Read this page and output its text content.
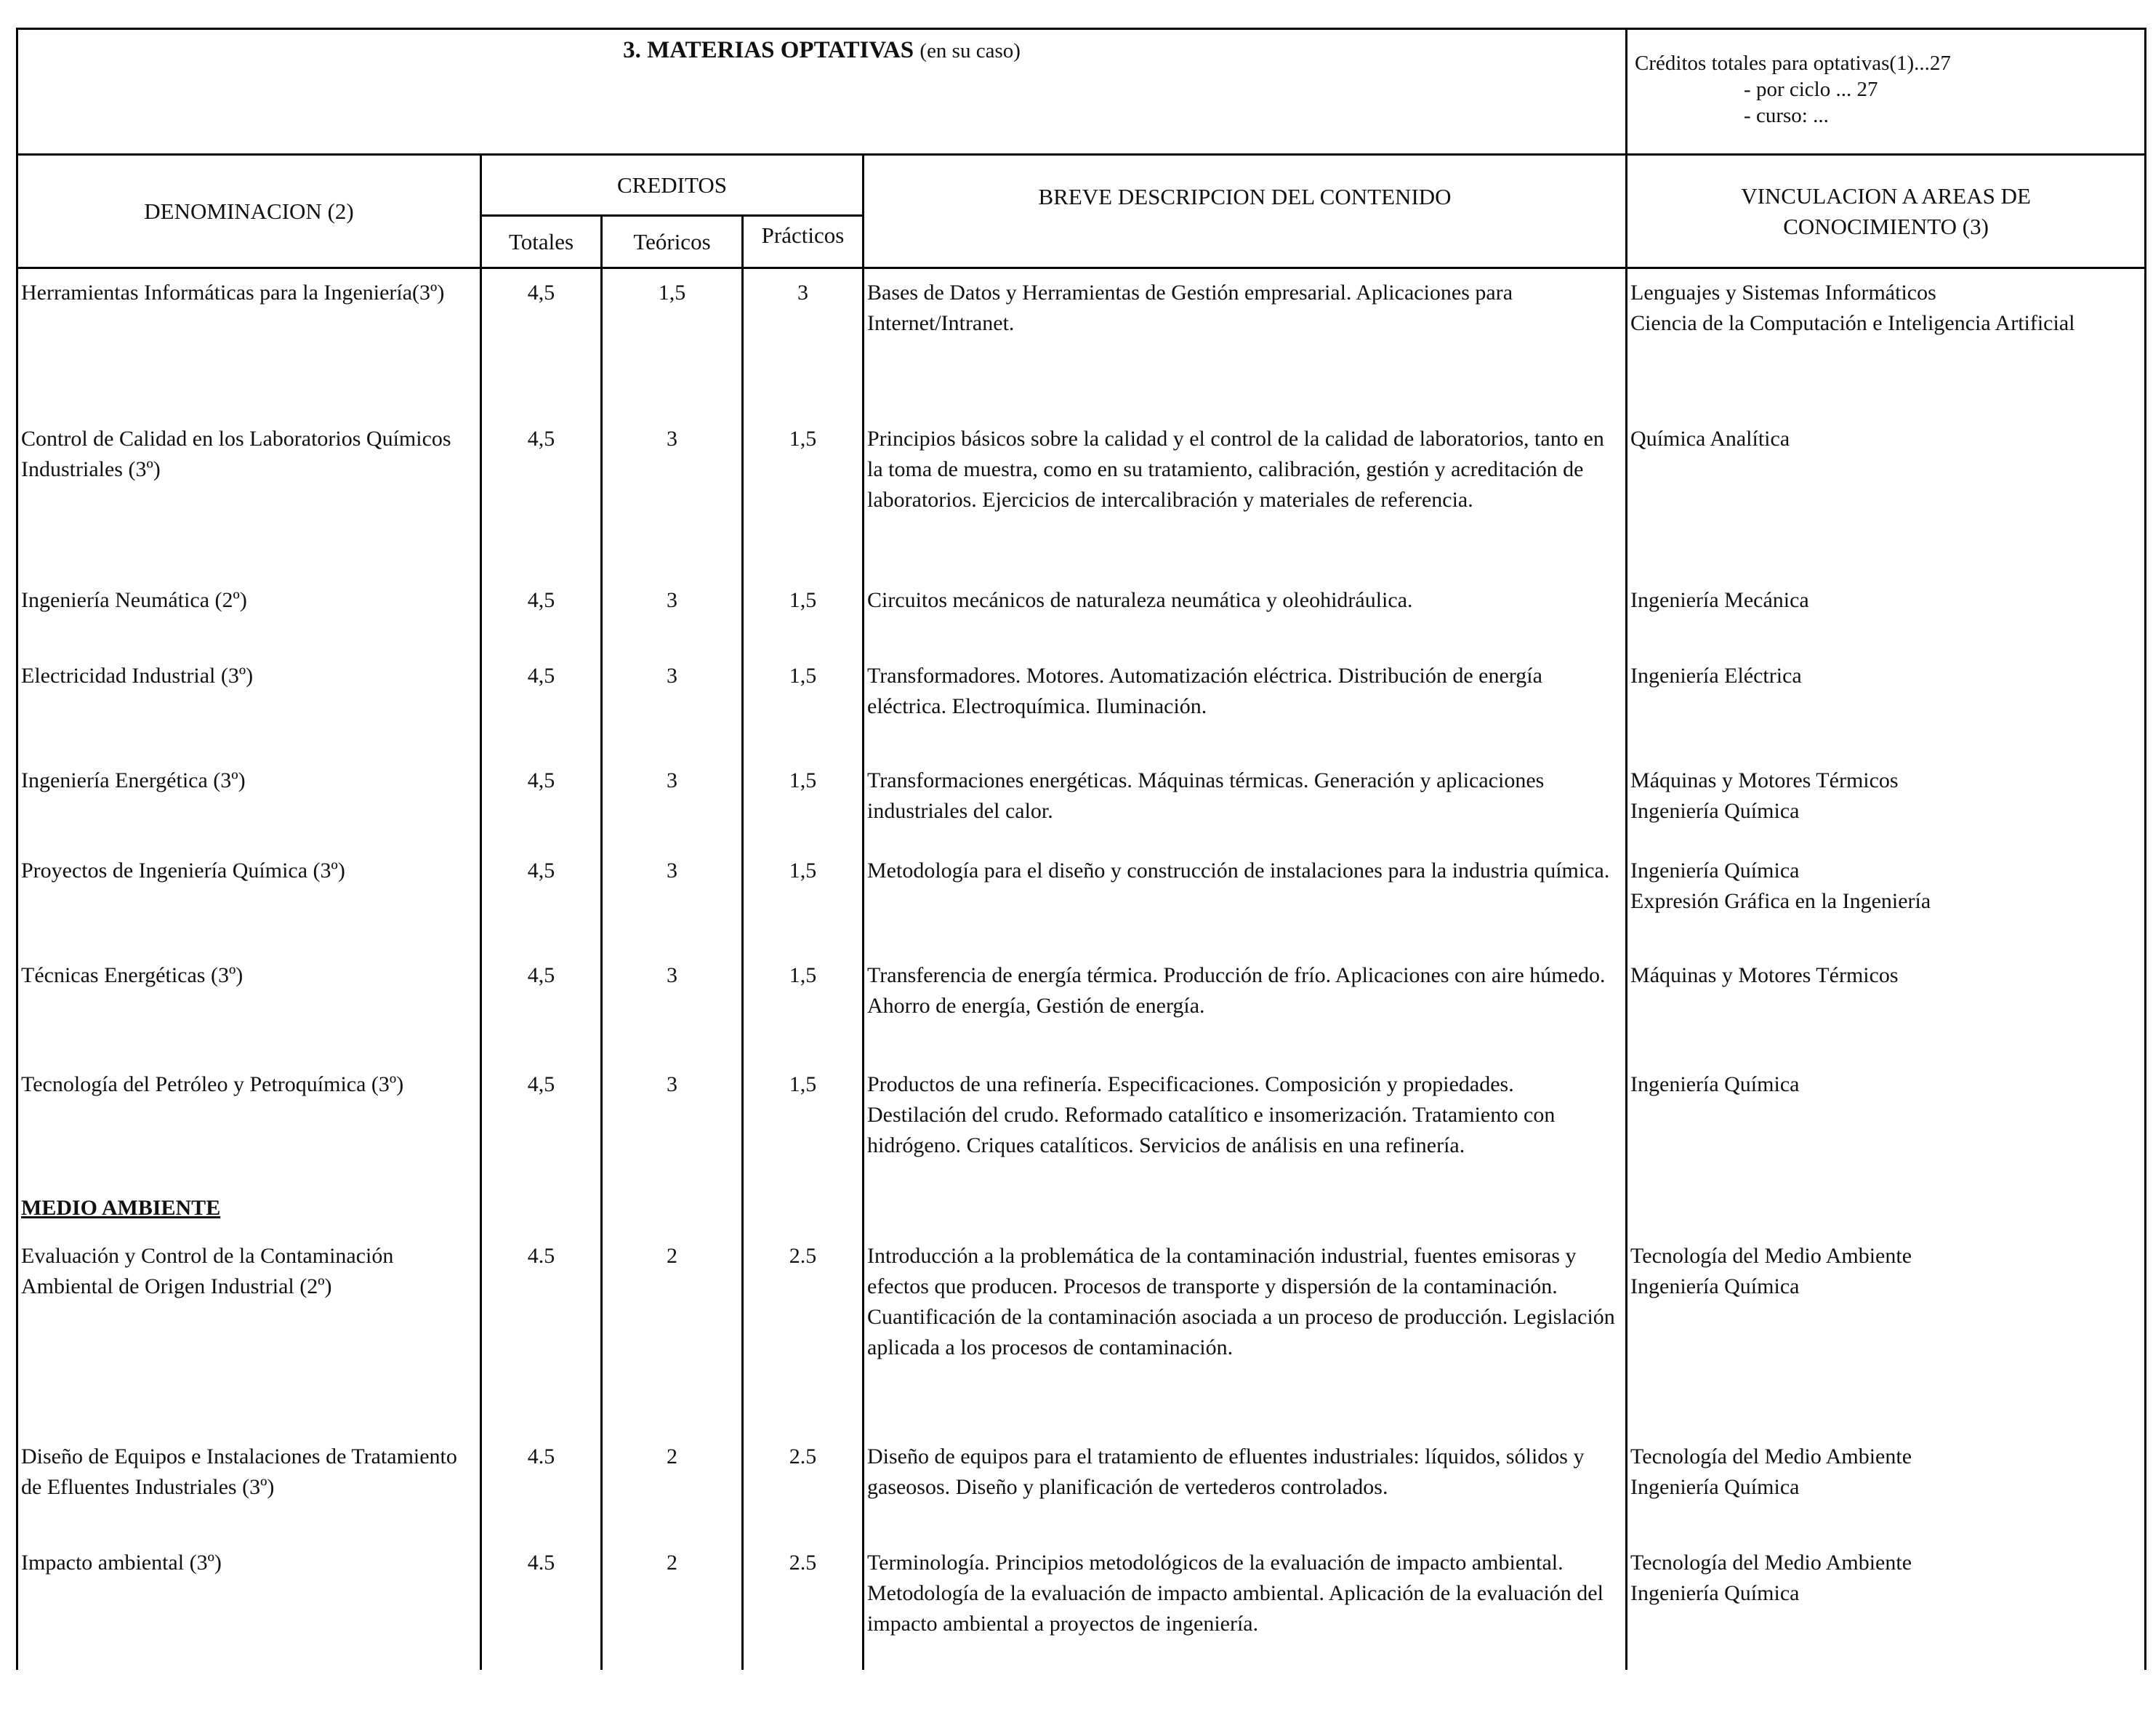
3. MATERIAS OPTATIVAS (en su caso)					Créditos totales para optativas(1)...27
- por ciclo ... 27
- curso: ...

DENOMINACION (2)	CREDITOS			BREVE DESCRIPCION DEL CONTENIDO	VINCULACION A AREAS DE CONOCIMIENTO (3)
	Totales	Teóricos	Prácticos		

Herramientas Informáticas para la Ingeniería(3º)	4,5	1,5	3	Bases de Datos y Herramientas de Gestión empresarial. Aplicaciones para Internet/Intranet.	Lenguajes y Sistemas Informáticos
Ciencia de la Computación e Inteligencia Artificial

Control de Calidad en los Laboratorios Químicos Industriales (3º)	4,5	3	1,5	Principios básicos sobre la calidad y el control de la calidad de laboratorios, tanto en la toma de muestra, como en su tratamiento, calibración, gestión y acreditación de laboratorios. Ejercicios de intercalibración y materiales de referencia.	Química Analítica

Ingeniería Neumática (2º)	4,5	3	1,5	Circuitos mecánicos de naturaleza neumática y oleohidráulica.	Ingeniería Mecánica

Electricidad Industrial (3º)	4,5	3	1,5	Transformadores. Motores. Automatización eléctrica. Distribución de energía eléctrica. Electroquímica. Iluminación.	Ingeniería Eléctrica

Ingeniería Energética (3º)	4,5	3	1,5	Transformaciones energéticas. Máquinas térmicas. Generación y aplicaciones industriales del calor.	Máquinas y Motores Térmicos
Ingeniería Química

Proyectos de Ingeniería Química (3º)	4,5	3	1,5	Metodología para el diseño y construcción de instalaciones para la industria química.	Ingeniería Química
Expresión Gráfica en la Ingeniería

Técnicas Energéticas (3º)	4,5	3	1,5	Transferencia de energía térmica. Producción de frío. Aplicaciones con aire húmedo. Ahorro de energía, Gestión de energía.	Máquinas y Motores Térmicos

Tecnología del Petróleo y Petroquímica (3º)	4,5	3	1,5	Productos de una refinería. Especificaciones. Composición y propiedades. Destilación del crudo. Reformado catalítico e insomerización. Tratamiento con hidrógeno. Criques catalíticos. Servicios de análisis en una refinería.	Ingeniería Química

MEDIO AMBIENTE					

Evaluación y Control de la Contaminación Ambiental de Origen Industrial (2º)	4.5	2	2.5	Introducción a la problemática de la contaminación industrial, fuentes emisoras y efectos que producen. Procesos de transporte y dispersión de la contaminación. Cuantificación de la contaminación asociada a un proceso de producción. Legislación aplicada a los procesos de contaminación.	Tecnología del Medio Ambiente
Ingeniería Química

Diseño de Equipos e Instalaciones de Tratamiento de Efluentes Industriales (3º)	4.5	2	2.5	Diseño de equipos para el tratamiento de efluentes industriales: líquidos, sólidos y gaseosos. Diseño y planificación de vertederos controlados.	Tecnología del Medio Ambiente
Ingeniería Química

Impacto ambiental (3º)	4.5	2	2.5	Terminología. Principios metodológicos de la evaluación de impacto ambiental. Metodología de la evaluación de impacto ambiental. Aplicación de la evaluación del impacto ambiental a proyectos de ingeniería.	Tecnología del Medio Ambiente
Ingeniería Química
